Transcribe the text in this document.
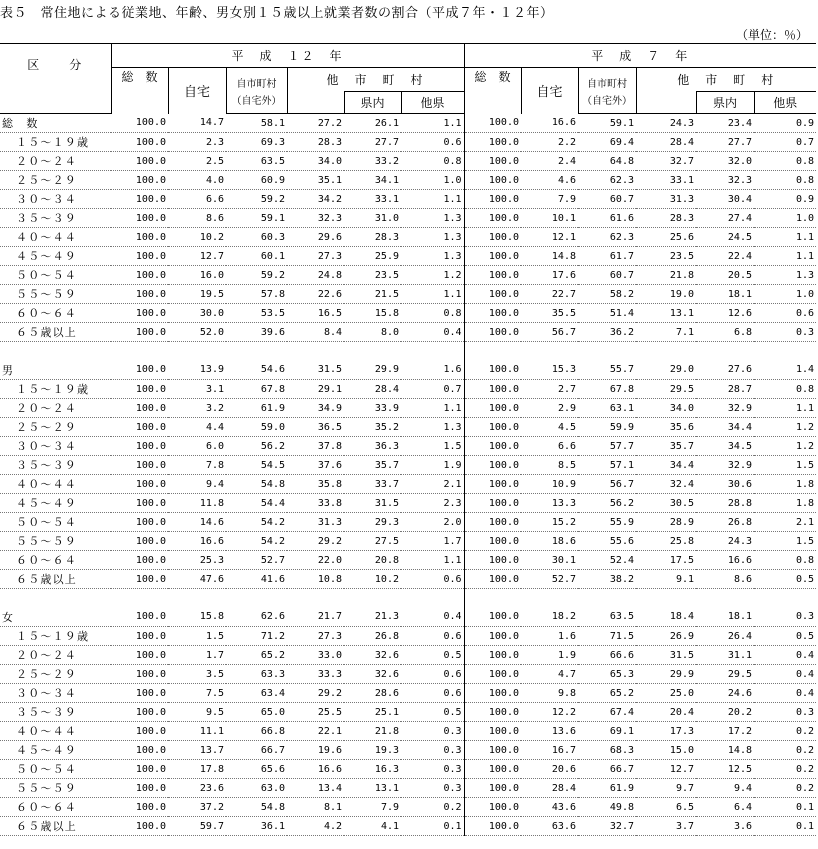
表５　常住地による従業地、年齢、男女別１５歳以上就業者数の割合（平成７年・１２年）
（単位：％）
区　　分	平　成　１２　年						平　成　７　年					
	総　数	自宅	自市町村	他　市　町　村			総　数	自宅	自市町村	他　市　町　村		
			（自宅外）		県内	他県			（自宅外）		県内	他県
総　数	100.0	14.7	58.1	27.2	26.1	1.1	100.0	16.6	59.1	24.3	23.4	0.9
１５～１９歳	100.0	2.3	69.3	28.3	27.7	0.6	100.0	2.2	69.4	28.4	27.7	0.7
２０～２４	100.0	2.5	63.5	34.0	33.2	0.8	100.0	2.4	64.8	32.7	32.0	0.8
２５～２９	100.0	4.0	60.9	35.1	34.1	1.0	100.0	4.6	62.3	33.1	32.3	0.8
３０～３４	100.0	6.6	59.2	34.2	33.1	1.1	100.0	7.9	60.7	31.3	30.4	0.9
３５～３９	100.0	8.6	59.1	32.3	31.0	1.3	100.0	10.1	61.6	28.3	27.4	1.0
４０～４４	100.0	10.2	60.3	29.6	28.3	1.3	100.0	12.1	62.3	25.6	24.5	1.1
４５～４９	100.0	12.7	60.1	27.3	25.9	1.3	100.0	14.8	61.7	23.5	22.4	1.1
５０～５４	100.0	16.0	59.2	24.8	23.5	1.2	100.0	17.6	60.7	21.8	20.5	1.3
５５～５９	100.0	19.5	57.8	22.6	21.5	1.1	100.0	22.7	58.2	19.0	18.1	1.0
６０～６４	100.0	30.0	53.5	16.5	15.8	0.8	100.0	35.5	51.4	13.1	12.6	0.6
６５歳以上	100.0	52.0	39.6	8.4	8.0	0.4	100.0	56.7	36.2	7.1	6.8	0.3

男	100.0	13.9	54.6	31.5	29.9	1.6	100.0	15.3	55.7	29.0	27.6	1.4
１５～１９歳	100.0	3.1	67.8	29.1	28.4	0.7	100.0	2.7	67.8	29.5	28.7	0.8
２０～２４	100.0	3.2	61.9	34.9	33.9	1.1	100.0	2.9	63.1	34.0	32.9	1.1
２５～２９	100.0	4.4	59.0	36.5	35.2	1.3	100.0	4.5	59.9	35.6	34.4	1.2
３０～３４	100.0	6.0	56.2	37.8	36.3	1.5	100.0	6.6	57.7	35.7	34.5	1.2
３５～３９	100.0	7.8	54.5	37.6	35.7	1.9	100.0	8.5	57.1	34.4	32.9	1.5
４０～４４	100.0	9.4	54.8	35.8	33.7	2.1	100.0	10.9	56.7	32.4	30.6	1.8
４５～４９	100.0	11.8	54.4	33.8	31.5	2.3	100.0	13.3	56.2	30.5	28.8	1.8
５０～５４	100.0	14.6	54.2	31.3	29.3	2.0	100.0	15.2	55.9	28.9	26.8	2.1
５５～５９	100.0	16.6	54.2	29.2	27.5	1.7	100.0	18.6	55.6	25.8	24.3	1.5
６０～６４	100.0	25.3	52.7	22.0	20.8	1.1	100.0	30.1	52.4	17.5	16.6	0.8
６５歳以上	100.0	47.6	41.6	10.8	10.2	0.6	100.0	52.7	38.2	9.1	8.6	0.5

女	100.0	15.8	62.6	21.7	21.3	0.4	100.0	18.2	63.5	18.4	18.1	0.3
１５～１９歳	100.0	1.5	71.2	27.3	26.8	0.6	100.0	1.6	71.5	26.9	26.4	0.5
２０～２４	100.0	1.7	65.2	33.0	32.6	0.5	100.0	1.9	66.6	31.5	31.1	0.4
２５～２９	100.0	3.5	63.3	33.3	32.6	0.6	100.0	4.7	65.3	29.9	29.5	0.4
３０～３４	100.0	7.5	63.4	29.2	28.6	0.6	100.0	9.8	65.2	25.0	24.6	0.4
３５～３９	100.0	9.5	65.0	25.5	25.1	0.5	100.0	12.2	67.4	20.4	20.2	0.3
４０～４４	100.0	11.1	66.8	22.1	21.8	0.3	100.0	13.6	69.1	17.3	17.2	0.2
４５～４９	100.0	13.7	66.7	19.6	19.3	0.3	100.0	16.7	68.3	15.0	14.8	0.2
５０～５４	100.0	17.8	65.6	16.6	16.3	0.3	100.0	20.6	66.7	12.7	12.5	0.2
５５～５９	100.0	23.6	63.0	13.4	13.1	0.3	100.0	28.4	61.9	9.7	9.4	0.2
６０～６４	100.0	37.2	54.8	8.1	7.9	0.2	100.0	43.6	49.8	6.5	6.4	0.1
６５歳以上	100.0	59.7	36.1	4.2	4.1	0.1	100.0	63.6	32.7	3.7	3.6	0.1
